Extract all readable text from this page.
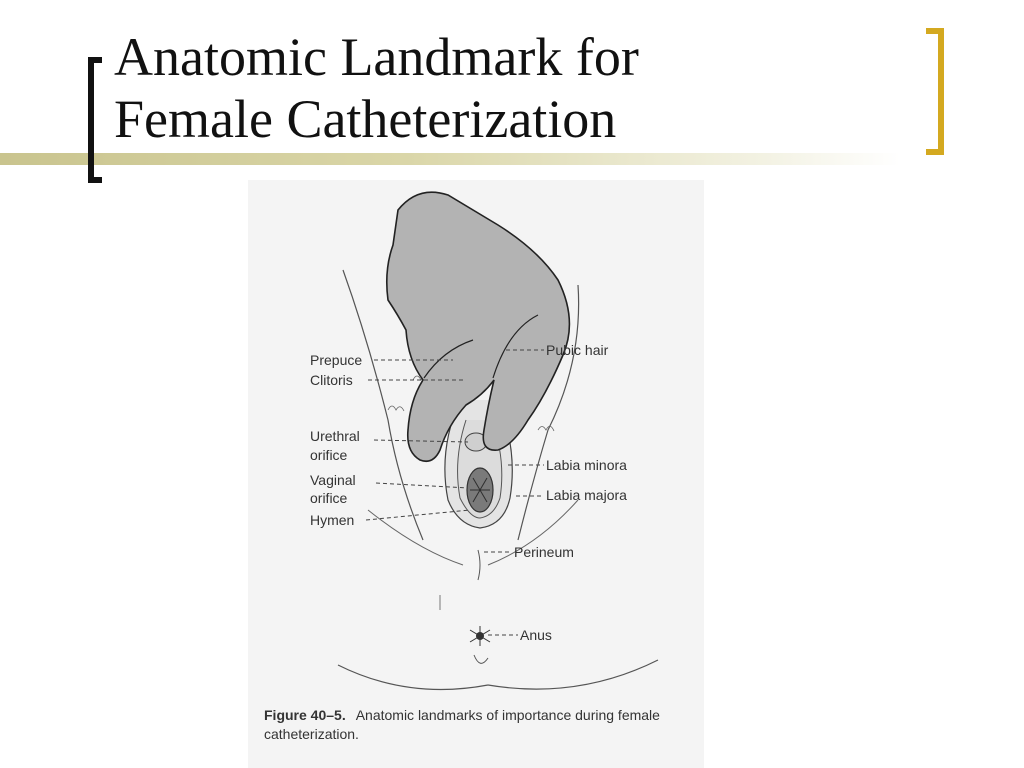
Anatomic Landmark for
Female Catheterization
Prepuce
Clitoris
Urethral
orifice
Vaginal
orifice
Hymen
Pubic hair
Labia minora
Labia majora
Perineum
Anus
Figure 40–5. Anatomic landmarks of importance during female catheterization.
